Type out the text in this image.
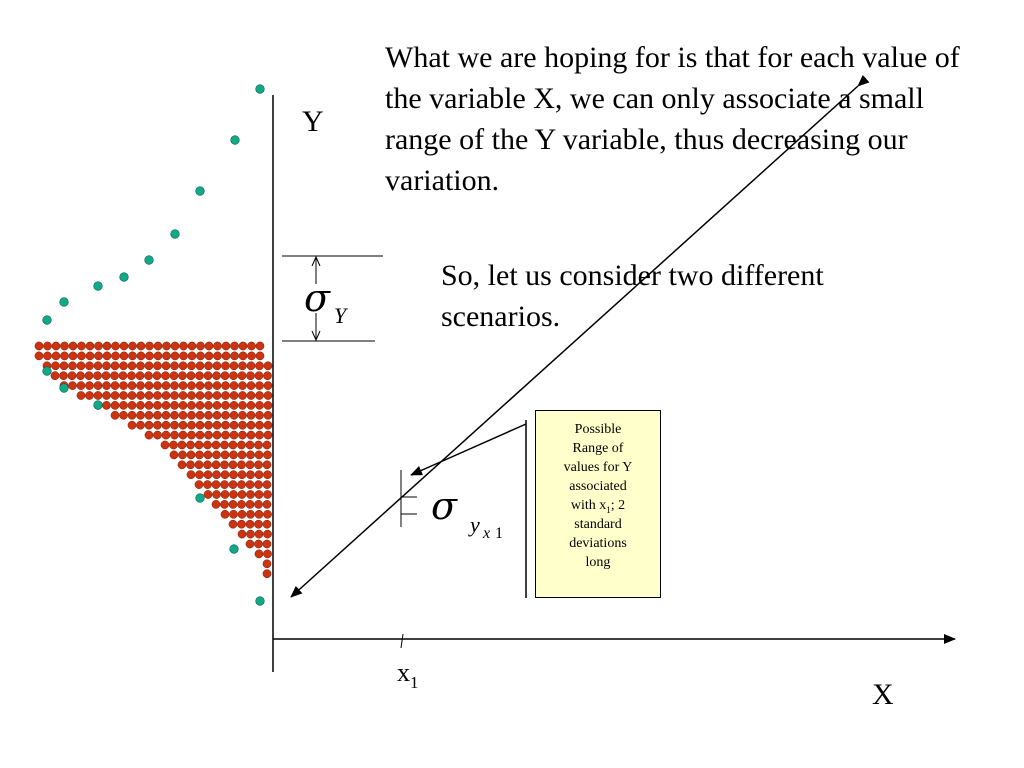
σ Y
σ y x 1
Y
X
$x_1$

What we are hoping for is that for each value of the variable X, we can only associate a small range of the Y variable, thus decreasing our variation.

So, let us consider two different scenarios.

Possible
Range of
values for Y
associated
with $x_1$; 2
standard
deviations
long
